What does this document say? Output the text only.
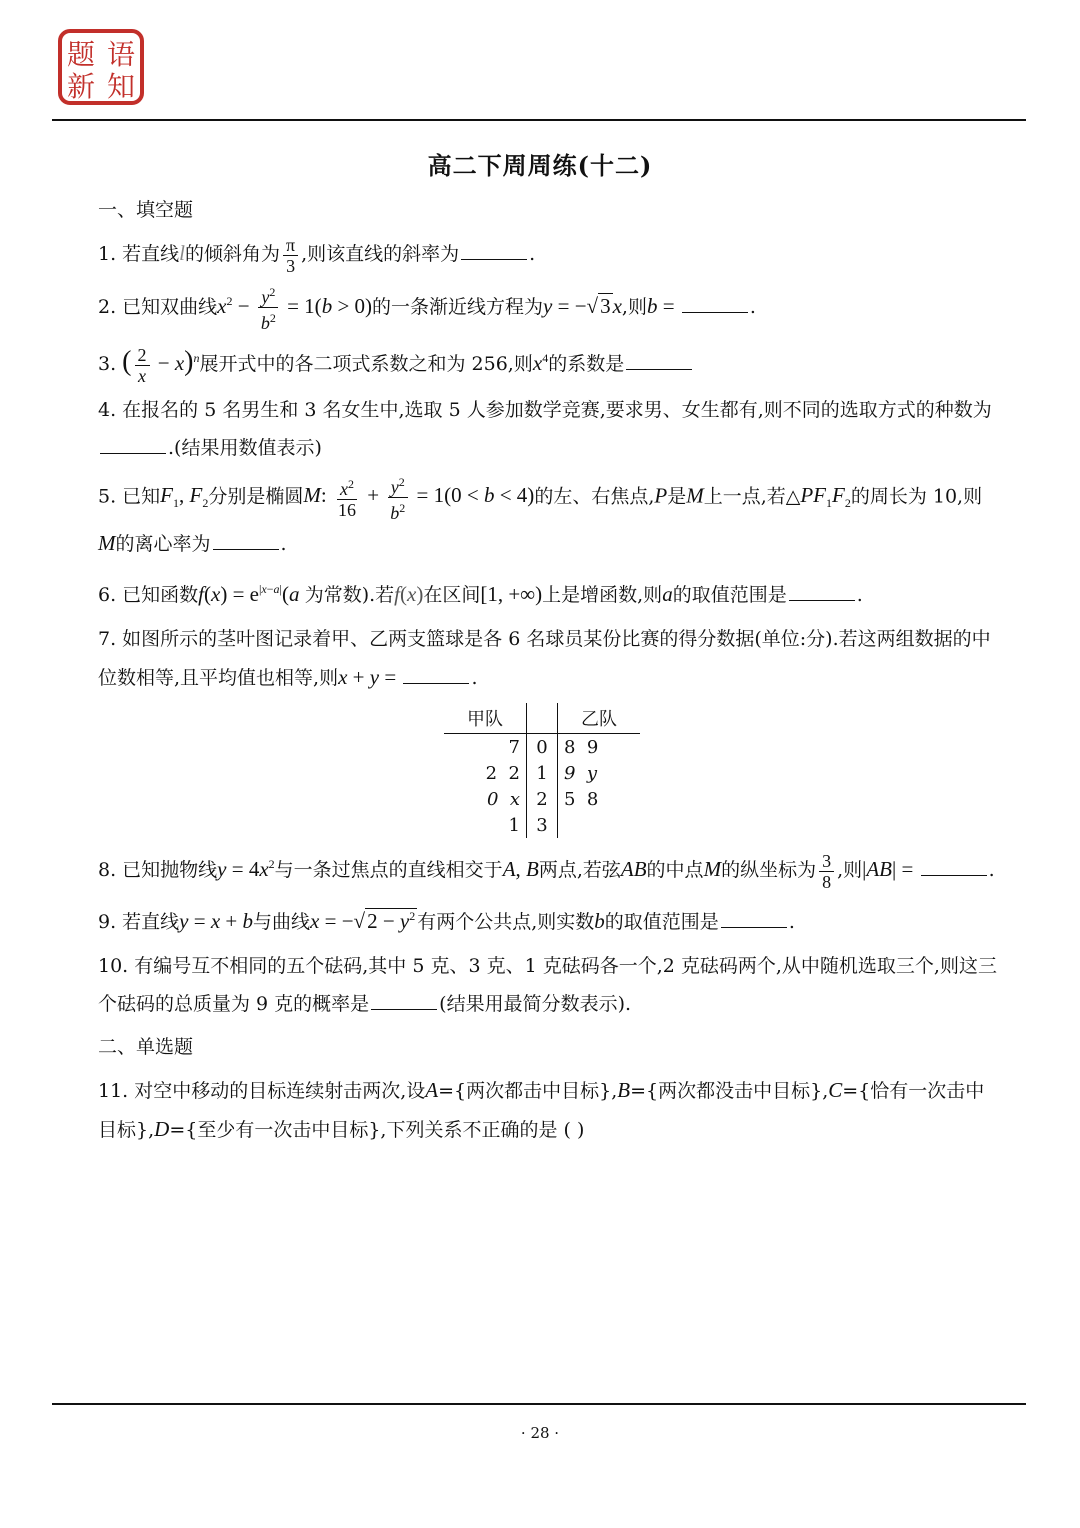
题 语
新 知
高二下周周练(十二)
一、填空题
1. 若直线l的倾斜角为 $\frac{\pi}{3}$ ,则该直线的斜率为	.
2. 已知双曲线$x^2 - \frac{y^2}{b^2} = 1(b > 0)$的一条渐近线方程为y = −√3x,则b =	.
3. ( $\frac{2}{x} - x)^n$展开式中的各二项式系数之和为 256,则$x^4$的系数是
4. 在报名的 5 名男生和 3 名女生中,选取 5 人参加数学竞赛,要求男、女生都有,则不同的选取方式的种数为.(结果用数值表示)
5. 已知$F_1$, $F_2$分别是椭圆M: $\frac{x^2}{16} + \frac{y^2}{b^2} = 1(0 < b < 4)$的左、右焦点,P是M上一点,若$\triangle PF_1F_2$的周长为 10,则M的离心率为	.
6. 已知函数$f(x) = e^{|x-a|}(a$ 为常数).若f(x)在区间[1, +∞)上是增函数,则a的取值范围是	.
7. 如图所示的茎叶图记录着甲、乙两支篮球是各 6 名球员某份比赛的得分数据(单位:分).若这两组数据的中位数相等,且平均值也相等,则x + y =	.
甲队		乙队
7	0	8  9
2  2	1	9  y
0  x	2	5  8
1	3	
8. 已知抛物线$y = 4x^2$与一条过焦点的直线相交于A, B两点,若弦AB的中点M的纵坐标为 $\frac{3}{8}$ ,则|AB| =	.
9. 若直线y = x + b与曲线$x = -√2 - y^2$ 有两个公共点,则实数b的取值范围是	.
10. 有编号互不相同的五个砝码,其中 5 克、3 克、1 克砝码各一个,2 克砝码两个,从中随机选取三个,则这三个砝码的总质量为 9 克的概率是	(结果用最简分数表示).
二、单选题
11. 对空中移动的目标连续射击两次,设A={两次都击中目标},B={两次都没击中目标},C={恰有一次击中目标},D={至少有一次击中目标},下列关系不正确的是 ( )
· 28 ·
